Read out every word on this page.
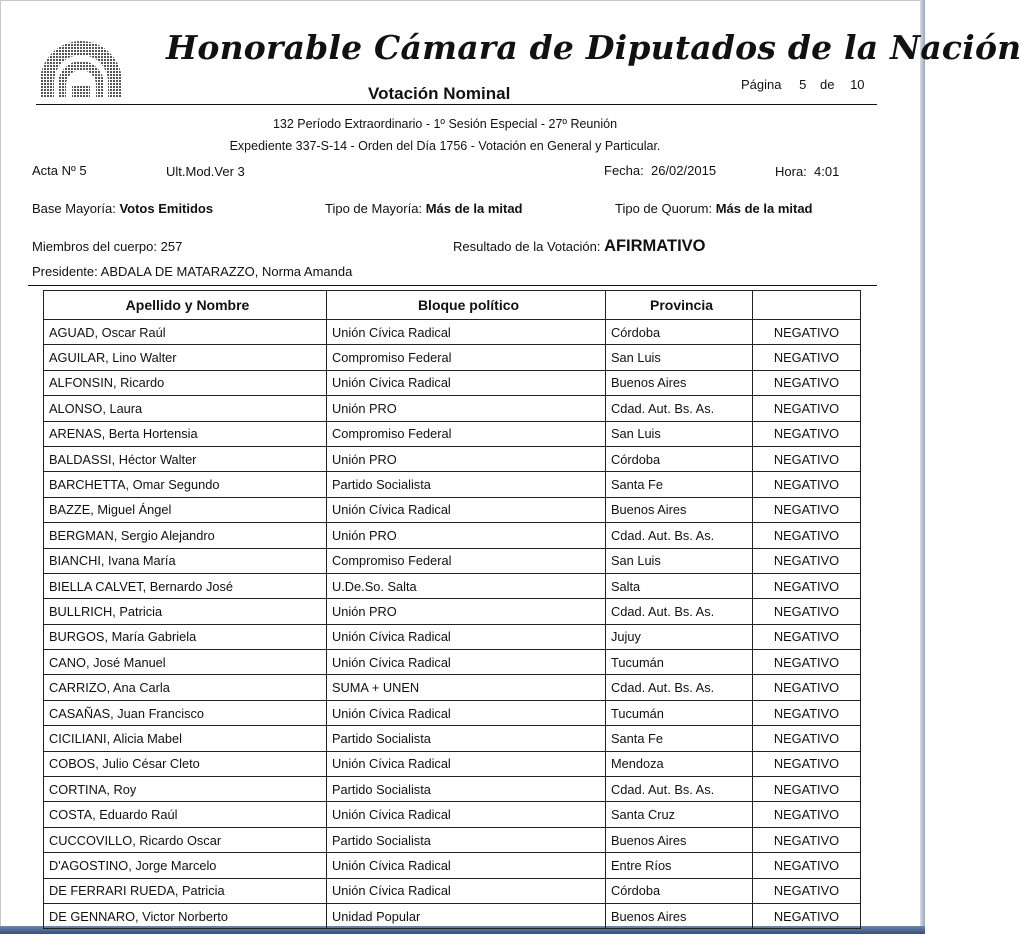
Honorable Cámara de Diputados de la Nación
Votación Nominal	Página 5 de 10
132 Período Extraordinario - 1º Sesión Especial - 27º Reunión
Expediente 337-S-14 - Orden del Día 1756 - Votación en General y Particular.
Acta Nº 5	Ult.Mod.Ver 3	Fecha: 26/02/2015	Hora: 4:01
Base Mayoría: Votos Emitidos	Tipo de Mayoría: Más de la mitad	Tipo de Quorum: Más de la mitad
Miembros del cuerpo: 257	Resultado de la Votación: AFIRMATIVO
Presidente: ABDALA DE MATARAZZO, Norma Amanda
Apellido y Nombre	Bloque político	Provincia	
AGUAD, Oscar Raúl	Unión Cívica Radical	Córdoba	NEGATIVO
AGUILAR, Lino Walter	Compromiso Federal	San Luis	NEGATIVO
ALFONSIN, Ricardo	Unión Cívica Radical	Buenos Aires	NEGATIVO
ALONSO, Laura	Unión PRO	Cdad. Aut. Bs. As.	NEGATIVO
ARENAS, Berta Hortensia	Compromiso Federal	San Luis	NEGATIVO
BALDASSI, Héctor Walter	Unión PRO	Córdoba	NEGATIVO
BARCHETTA, Omar Segundo	Partido Socialista	Santa Fe	NEGATIVO
BAZZE, Miguel Ángel	Unión Cívica Radical	Buenos Aires	NEGATIVO
BERGMAN, Sergio Alejandro	Unión PRO	Cdad. Aut. Bs. As.	NEGATIVO
BIANCHI, Ivana María	Compromiso Federal	San Luis	NEGATIVO
BIELLA CALVET, Bernardo José	U.De.So. Salta	Salta	NEGATIVO
BULLRICH, Patricia	Unión PRO	Cdad. Aut. Bs. As.	NEGATIVO
BURGOS, María Gabriela	Unión Cívica Radical	Jujuy	NEGATIVO
CANO, José Manuel	Unión Cívica Radical	Tucumán	NEGATIVO
CARRIZO, Ana Carla	SUMA + UNEN	Cdad. Aut. Bs. As.	NEGATIVO
CASAÑAS, Juan Francisco	Unión Cívica Radical	Tucumán	NEGATIVO
CICILIANI, Alicia Mabel	Partido Socialista	Santa Fe	NEGATIVO
COBOS, Julio César Cleto	Unión Cívica Radical	Mendoza	NEGATIVO
CORTINA, Roy	Partido Socialista	Cdad. Aut. Bs. As.	NEGATIVO
COSTA, Eduardo Raúl	Unión Cívica Radical	Santa Cruz	NEGATIVO
CUCCOVILLO, Ricardo Oscar	Partido Socialista	Buenos Aires	NEGATIVO
D'AGOSTINO, Jorge Marcelo	Unión Cívica Radical	Entre Ríos	NEGATIVO
DE FERRARI RUEDA, Patricia	Unión Cívica Radical	Córdoba	NEGATIVO
DE GENNARO, Victor Norberto	Unidad Popular	Buenos Aires	NEGATIVO
